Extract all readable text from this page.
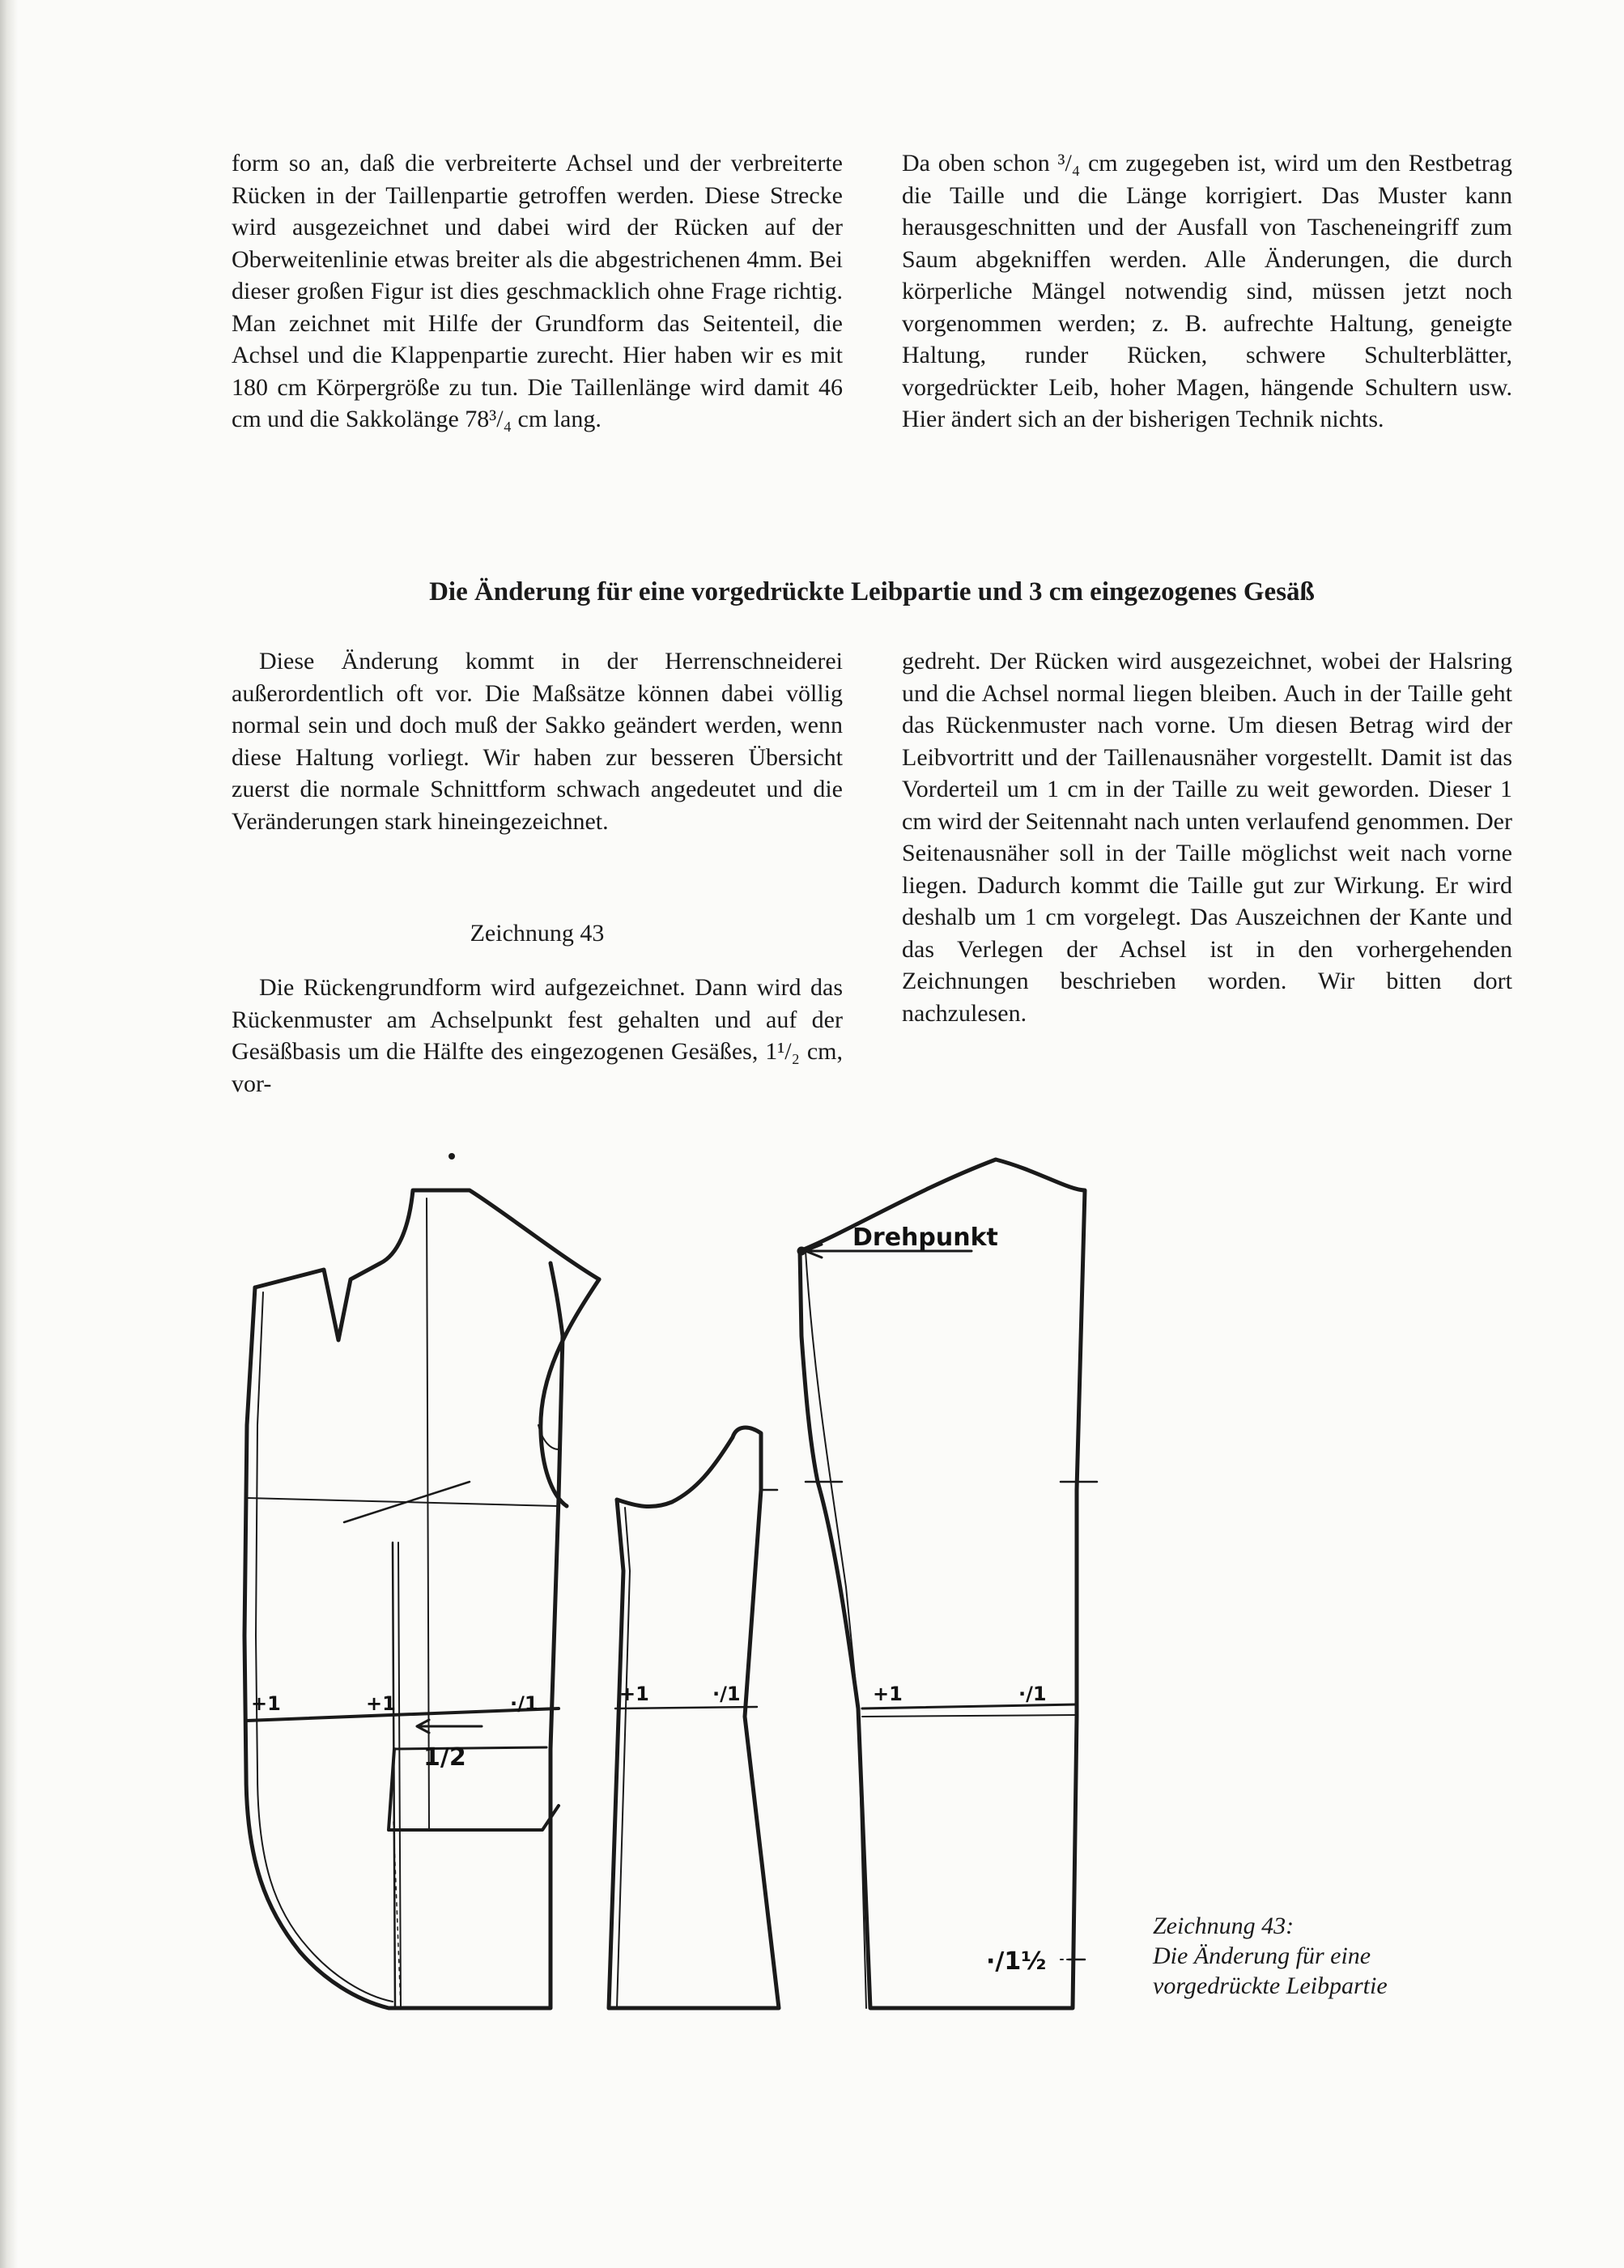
form so an, daß die verbreiterte Achsel und der verbreiterte Rücken in der Taillenpartie getroffen werden. Diese Strecke wird ausgezeichnet und dabei wird der Rücken auf der Oberweitenlinie etwas breiter als die abgestrichenen 4mm. Bei dieser großen Figur ist dies geschmacklich ohne Frage richtig. Man zeichnet mit Hilfe der Grundform das Seitenteil, die Achsel und die Klappenpartie zurecht. Hier haben wir es mit 180 cm Körpergröße zu tun. Die Taillenlänge wird damit 46 cm und die Sakkolänge 78³/₄ cm lang.

Da oben schon ³/₄ cm zugegeben ist, wird um den Restbetrag die Taille und die Länge korrigiert. Das Muster kann herausgeschnitten und der Ausfall von Tascheneingriff zum Saum abgekniffen werden. Alle Änderungen, die durch körperliche Mängel notwendig sind, müssen jetzt noch vorgenommen werden; z. B. aufrechte Haltung, geneigte Haltung, runder Rücken, schwere Schulterblätter, vorgedrückter Leib, hoher Magen, hängende Schultern usw. Hier ändert sich an der bisherigen Technik nichts.

Die Änderung für eine vorgedrückte Leibpartie und 3 cm eingezogenes Gesäß

Diese Änderung kommt in der Herrenschneiderei außerordentlich oft vor. Die Maßsätze können dabei völlig normal sein und doch muß der Sakko geändert werden, wenn diese Haltung vorliegt. Wir haben zur besseren Übersicht zuerst die normale Schnittform schwach angedeutet und die Veränderungen stark hineingezeichnet.

Zeichnung 43

Die Rückengrundform wird aufgezeichnet. Dann wird das Rückenmuster am Achselpunkt fest gehalten und auf der Gesäßbasis um die Hälfte des eingezogenen Gesäßes, 1¹/₂ cm, vor-

gedreht. Der Rücken wird ausgezeichnet, wobei der Halsring und die Achsel normal liegen bleiben. Auch in der Taille geht das Rückenmuster nach vorne. Um diesen Betrag wird der Leibvortritt und der Taillenausnäher vorgestellt. Damit ist das Vorderteil um 1 cm in der Taille zu weit geworden. Dieser 1 cm wird der Seitennaht nach unten verlaufend genommen. Der Seitenausnäher soll in der Taille möglichst weit nach vorne liegen. Dadurch kommt die Taille gut zur Wirkung. Er wird deshalb um 1 cm vorgelegt. Das Auszeichnen der Kante und das Verlegen der Achsel ist in den vorhergehenden Zeichnungen beschrieben worden. Wir bitten dort nachzulesen.

+1	+1	·/1
1/2
+1	·/1
Drehpunkt
+1	·/1
·/1½

Zeichnung 43:

Die Änderung für eine

vorgedrückte Leibpartie
